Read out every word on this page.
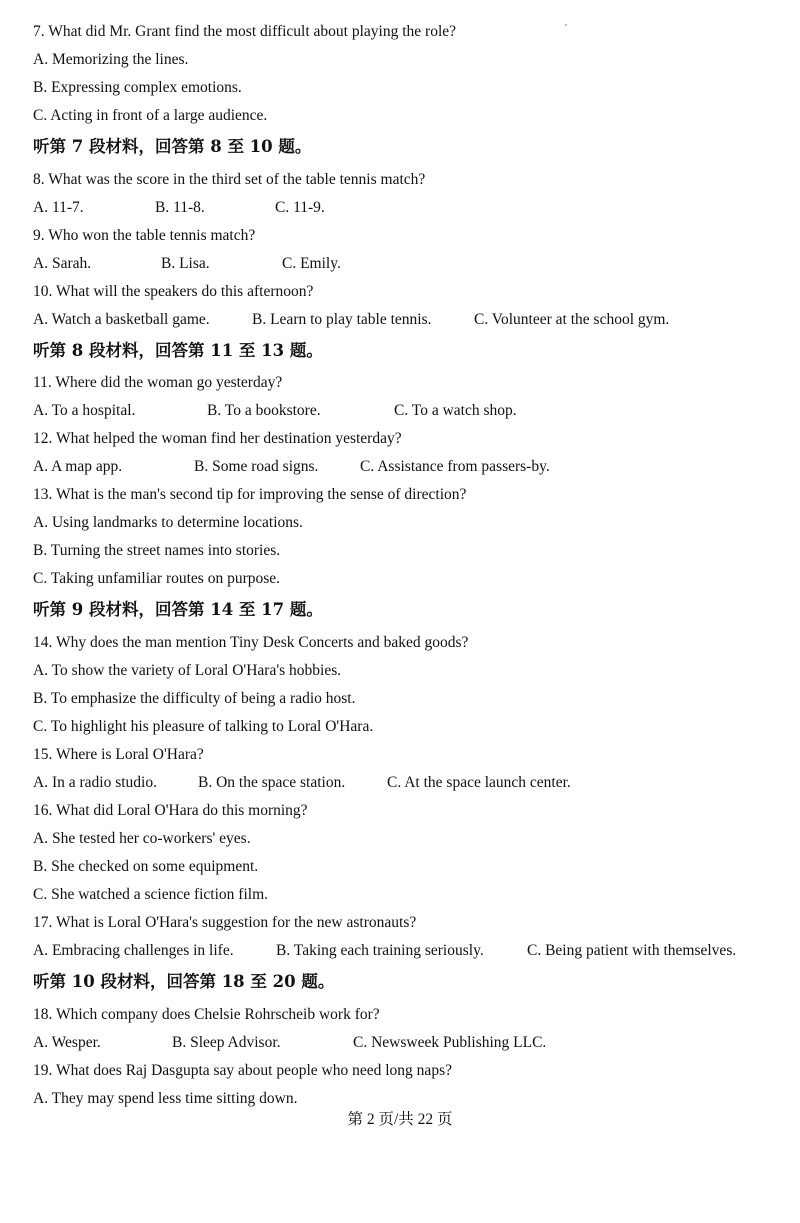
7. What did Mr. Grant find the most difficult about playing the role?
A. Memorizing the lines.
B. Expressing complex emotions.
C. Acting in front of a large audience.
听第 7 段材料，回答第 8 至 10 题。
8. What was the score in the third set of the table tennis match?
A. 11-7.	B. 11-8.	C. 11-9.
9. Who won the table tennis match?
A. Sarah.	B. Lisa.	C. Emily.
10. What will the speakers do this afternoon?
A. Watch a basketball game.	B. Learn to play table tennis.	C. Volunteer at the school gym.
听第 8 段材料，回答第 11 至 13 题。
11. Where did the woman go yesterday?
A. To a hospital.	B. To a bookstore.	C. To a watch shop.
12. What helped the woman find her destination yesterday?
A. A map app.	B. Some road signs.	C. Assistance from passers-by.
13. What is the man's second tip for improving the sense of direction?
A. Using landmarks to determine locations.
B. Turning the street names into stories.
C. Taking unfamiliar routes on purpose.
听第 9 段材料，回答第 14 至 17 题。
14. Why does the man mention Tiny Desk Concerts and baked goods?
A. To show the variety of Loral O'Hara's hobbies.
B. To emphasize the difficulty of being a radio host.
C. To highlight his pleasure of talking to Loral O'Hara.
15. Where is Loral O'Hara?
A. In a radio studio.	B. On the space station.	C. At the space launch center.
16. What did Loral O'Hara do this morning?
A. She tested her co-workers' eyes.
B. She checked on some equipment.
C. She watched a science fiction film.
17. What is Loral O'Hara's suggestion for the new astronauts?
A. Embracing challenges in life.	B. Taking each training seriously.	C. Being patient with themselves.
听第 10 段材料，回答第 18 至 20 题。
18. Which company does Chelsie Rohrscheib work for?
A. Wesper.	B. Sleep Advisor.	C. Newsweek Publishing LLC.
19. What does Raj Dasgupta say about people who need long naps?
A. They may spend less time sitting down.
第 2 页/共 22 页
